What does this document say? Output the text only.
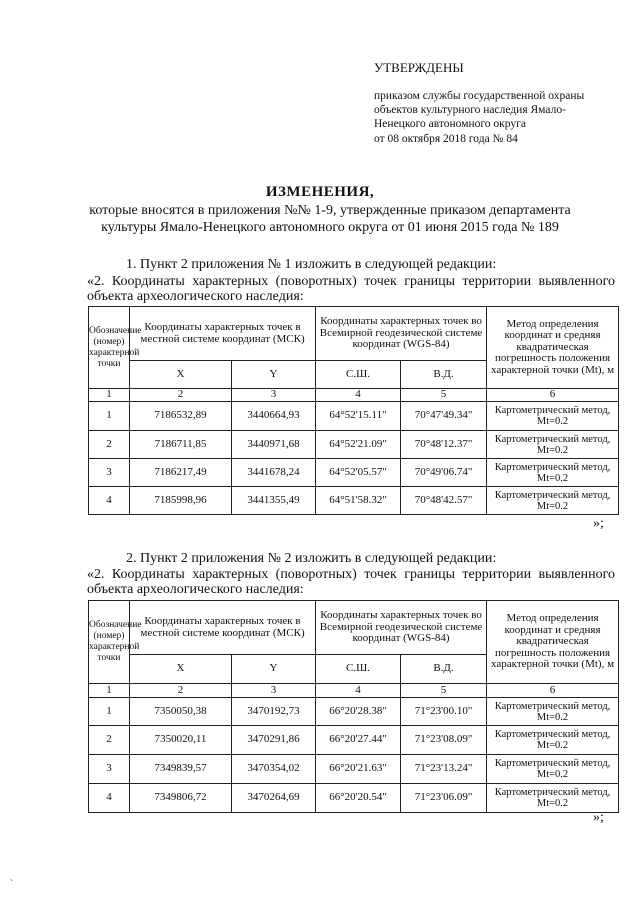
УТВЕРЖДЕНЫ
приказом службы государственной охраны
объектов культурного наследия Ямало-
Ненецкого автономного округа
от 08 октября 2018 года № 84
ИЗМЕНЕНИЯ,
которые вносятся в приложения №№ 1-9, утвержденные приказом департамента
культуры Ямало-Ненецкого автономного округа от 01 июня 2015 года № 189
1. Пункт 2 приложения № 1 изложить в следующей редакции:
«2. Координаты характерных (поворотных) точек границы территории выявленного объекта археологического наследия:
Обозначение (номер) характерной точки	Координаты характерных точек в местной системе координат (МСК)		Координаты характерных точек во Всемирной геодезической системе координат (WGS-84)		Метод определения координат и средняя квадратическая погрешность положения характерной точки (Mt), м
	X	Y	С.Ш.	В.Д.	
1	2	3	4	5	6
1	7186532,89	3440664,93	64°52'15.11"	70°47'49.34"	Картометрический метод, Mt=0.2
2	7186711,85	3440971,68	64°52'21.09"	70°48'12.37"	Картометрический метод, Mt=0.2
3	7186217,49	3441678,24	64°52'05.57"	70°49'06.74"	Картометрический метод, Mt=0.2
4	7185998,96	3441355,49	64°51'58.32"	70°48'42.57"	Картометрический метод, Mt=0.2
»;
2. Пункт 2 приложения № 2 изложить в следующей редакции:
«2. Координаты характерных (поворотных) точек границы территории выявленного объекта археологического наследия:
Обозначение (номер) характерной точки	Координаты характерных точек в местной системе координат (МСК)		Координаты характерных точек во Всемирной геодезической системе координат (WGS-84)		Метод определения координат и средняя квадратическая погрешность положения характерной точки (Mt), м
	X	Y	С.Ш.	В.Д.	
1	2	3	4	5	6
1	7350050,38	3470192,73	66°20'28.38"	71°23'00.10"	Картометрический метод, Mt=0.2
2	7350020,11	3470291,86	66°20'27.44"	71°23'08.09"	Картометрический метод, Mt=0.2
3	7349839,57	3470354,02	66°20'21.63"	71°23'13.24"	Картометрический метод, Mt=0.2
4	7349806,72	3470264,69	66°20'20.54"	71°23'06.09"	Картометрический метод, Mt=0.2
»;
`
